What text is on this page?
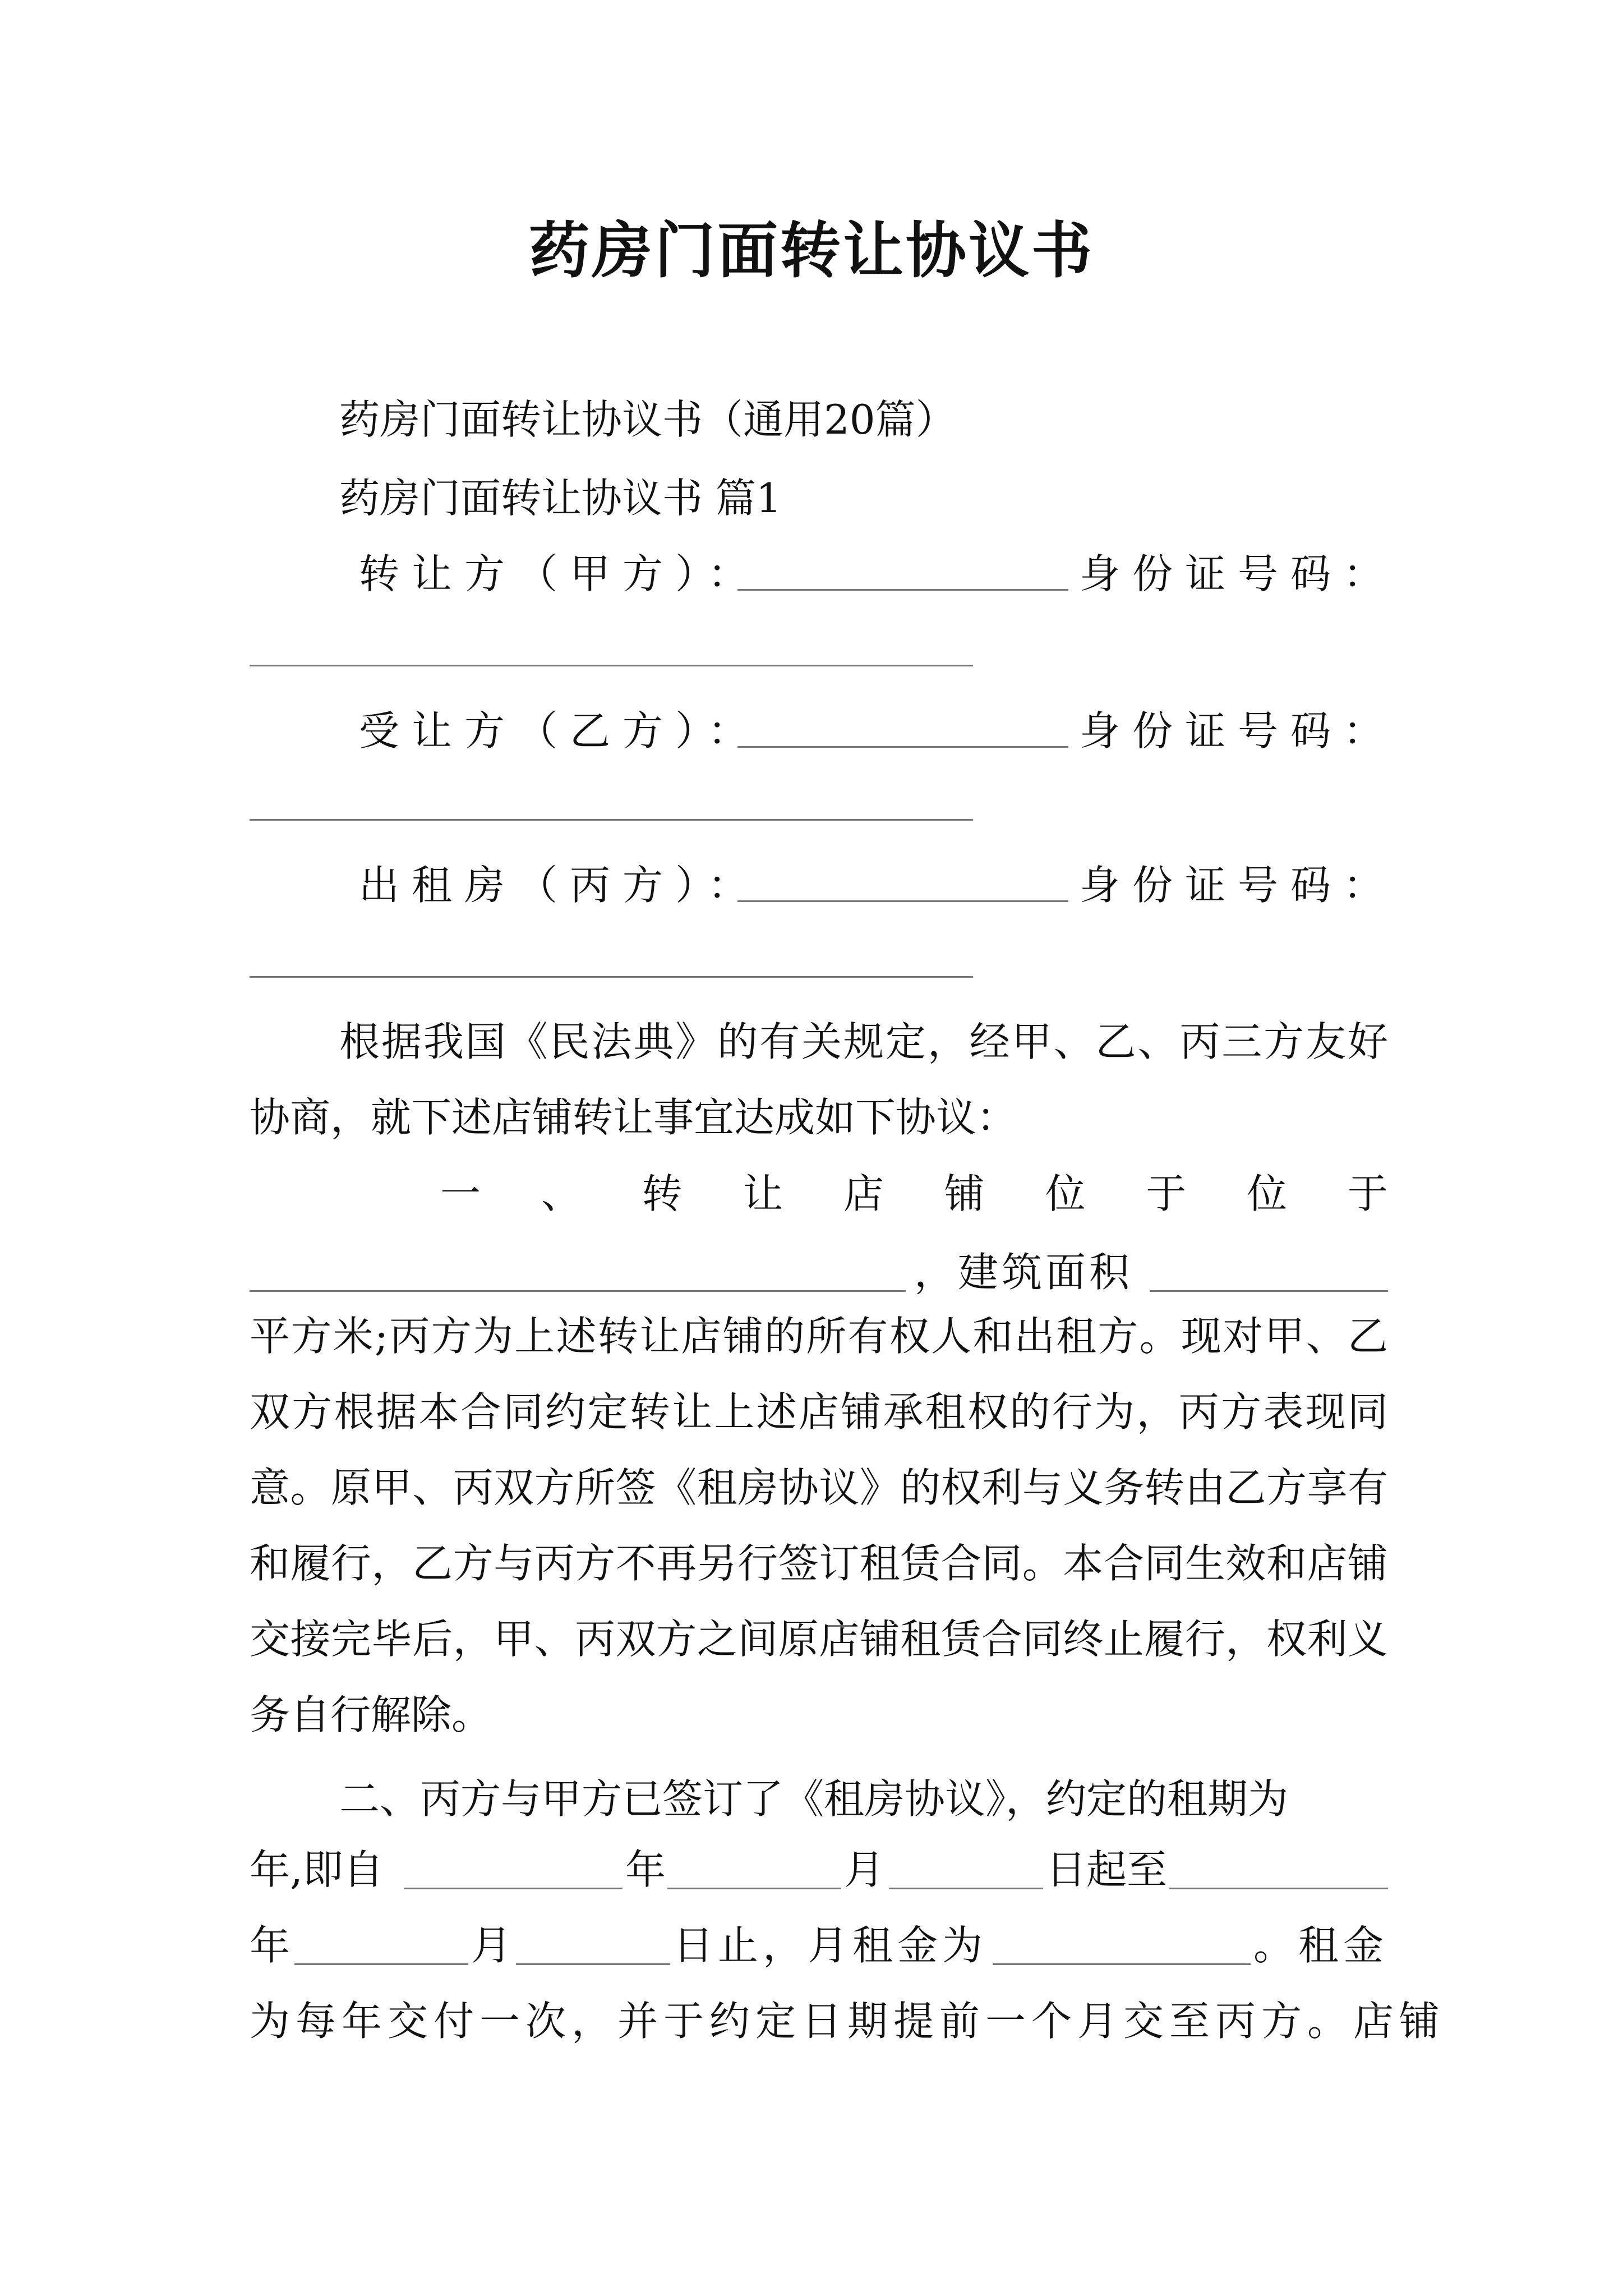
药房门面转让协议书
药房门面转让协议书（通用20篇）
药房门面转让协议书 篇1
转让方（甲方）：	身份证号码：
受让方（乙方）：	身份证号码：
出租房（丙方）：	身份证号码：
根据我国《民法典》的有关规定，经甲、乙、丙三方友好协商，就下述店铺转让事宜达成如下协议：
一 、 转 让 店 铺 位 于 位 于
，建筑面积
平方米;丙方为上述转让店铺的所有权人和出租方。现对甲、乙双方根据本合同约定转让上述店铺承租权的行为，丙方表现同意。原甲、丙双方所签《租房协议》的权利与义务转由乙方享有和履行，乙方与丙方不再另行签订租赁合同。本合同生效和店铺交接完毕后，甲、丙双方之间原店铺租赁合同终止履行，权利义务自行解除。
二、丙方与甲方已签订了《租房协议》，约定的租期为
年,即自	年	月	日起至
年	月	日止，月租金为	。租金
为每年交付一次，并于约定日期提前一个月交至丙方。店铺
